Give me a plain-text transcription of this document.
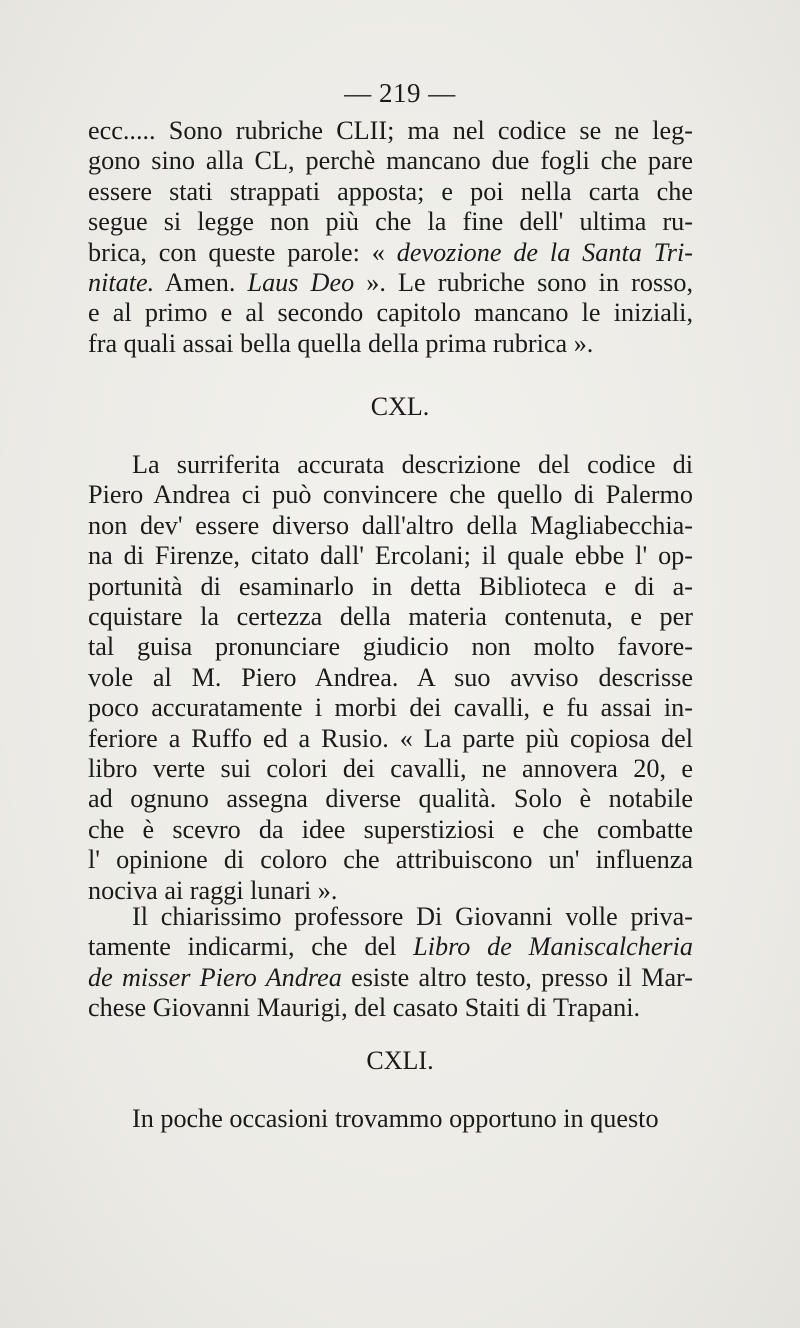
— 219 —
ecc..... Sono rubriche CLII; ma nel codice se ne leg-
gono sino alla CL, perchè mancano due fogli che pare
essere stati strappati apposta; e poi nella carta che
segue si legge non più che la fine dell' ultima ru-
brica, con queste parole: « devozione de la Santa Tri-
nitate. Amen. Laus Deo ». Le rubriche sono in rosso,
e al primo e al secondo capitolo mancano le iniziali,
fra quali assai bella quella della prima rubrica ».
CXL.
La surriferita accurata descrizione del codice di
Piero Andrea ci può convincere che quello di Palermo
non dev' essere diverso dall'altro della Magliabecchia-
na di Firenze, citato dall' Ercolani; il quale ebbe l' op-
portunità di esaminarlo in detta Biblioteca e di a-
cquistare la certezza della materia contenuta, e per
tal guisa pronunciare giudicio non molto favore-
vole al M. Piero Andrea. A suo avviso descrisse
poco accuratamente i morbi dei cavalli, e fu assai in-
feriore a Ruffo ed a Rusio. « La parte più copiosa del
libro verte sui colori dei cavalli, ne annovera 20, e
ad ognuno assegna diverse qualità. Solo è notabile
che è scevro da idee superstiziosi e che combatte
l' opinione di coloro che attribuiscono un' influenza
nociva ai raggi lunari ».
Il chiarissimo professore Di Giovanni volle priva-
tamente indicarmi, che del Libro de Maniscalcheria
de misser Piero Andrea esiste altro testo, presso il Mar-
chese Giovanni Maurigi, del casato Staiti di Trapani.
CXLI.
In poche occasioni trovammo opportuno in questo
